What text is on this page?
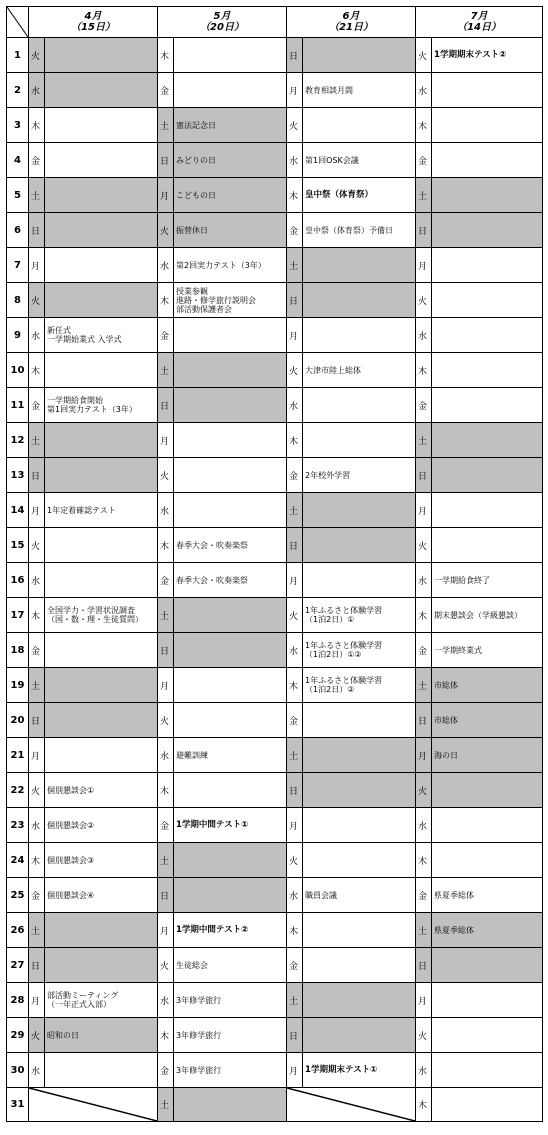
	4月
（15日）		5月
（20日）		6月
（21日）		7月
（14日）	
1	火		木		日		火	1学期期末テスト②
2	水		金		月	教育相談月間	水	
3	木		土	憲法記念日	火		木	
4	金		日	みどりの日	水	第1回OSK会議	金	
5	土		月	こどもの日	木	皇中祭（体育祭）	土	
6	日		火	振替休日	金	皇中祭（体育祭）予備日	日	
7	月		水	第2回実力テスト（3年）	土		月	
8	火		木	授業参観
進路・修学旅行説明会
部活動保護者会	日		火	
9	水	新任式
一学期始業式 入学式	金		月		水	
10	木		土		火	大津市陸上総体	木	
11	金	一学期給食開始
第1回実力テスト（3年）	日		水		金	
12	土		月		木		土	
13	日		火		金	2年校外学習	日	
14	月	1年定着確認テスト	水		土		月	
15	火		木	春季大会・吹奏楽祭	日		火	
16	水		金	春季大会・吹奏楽祭	月		水	一学期給食終了
17	木	全国学力・学習状況調査
（国・数・理・生徒質問）	土		火	1年ふるさと体験学習
（1泊2日）①	木	期末懇談会（学級懇談）
18	金		日		水	1年ふるさと体験学習
（1泊2日）①②	金	一学期終業式
19	土		月		木	1年ふるさと体験学習
（1泊2日）②	土	市総体
20	日		火		金		日	市総体
21	月		水	避難訓練	土		月	海の日
22	火	個別懇談会①	木		日		火	
23	水	個別懇談会②	金	1学期中間テスト①	月		水	
24	木	個別懇談会③	土		火		木	
25	金	個別懇談会④	日		水	職員会議	金	県夏季総体
26	土		月	1学期中間テスト②	木		土	県夏季総体
27	日		火	生徒総会	金		日	
28	月	部活動ミーティング
（一年正式入部）	水	3年修学旅行	土		月	
29	火	昭和の日	木	3年修学旅行	日		火	
30	水		金	3年修学旅行	月	1学期期末テスト①	水	
31			土				木	
